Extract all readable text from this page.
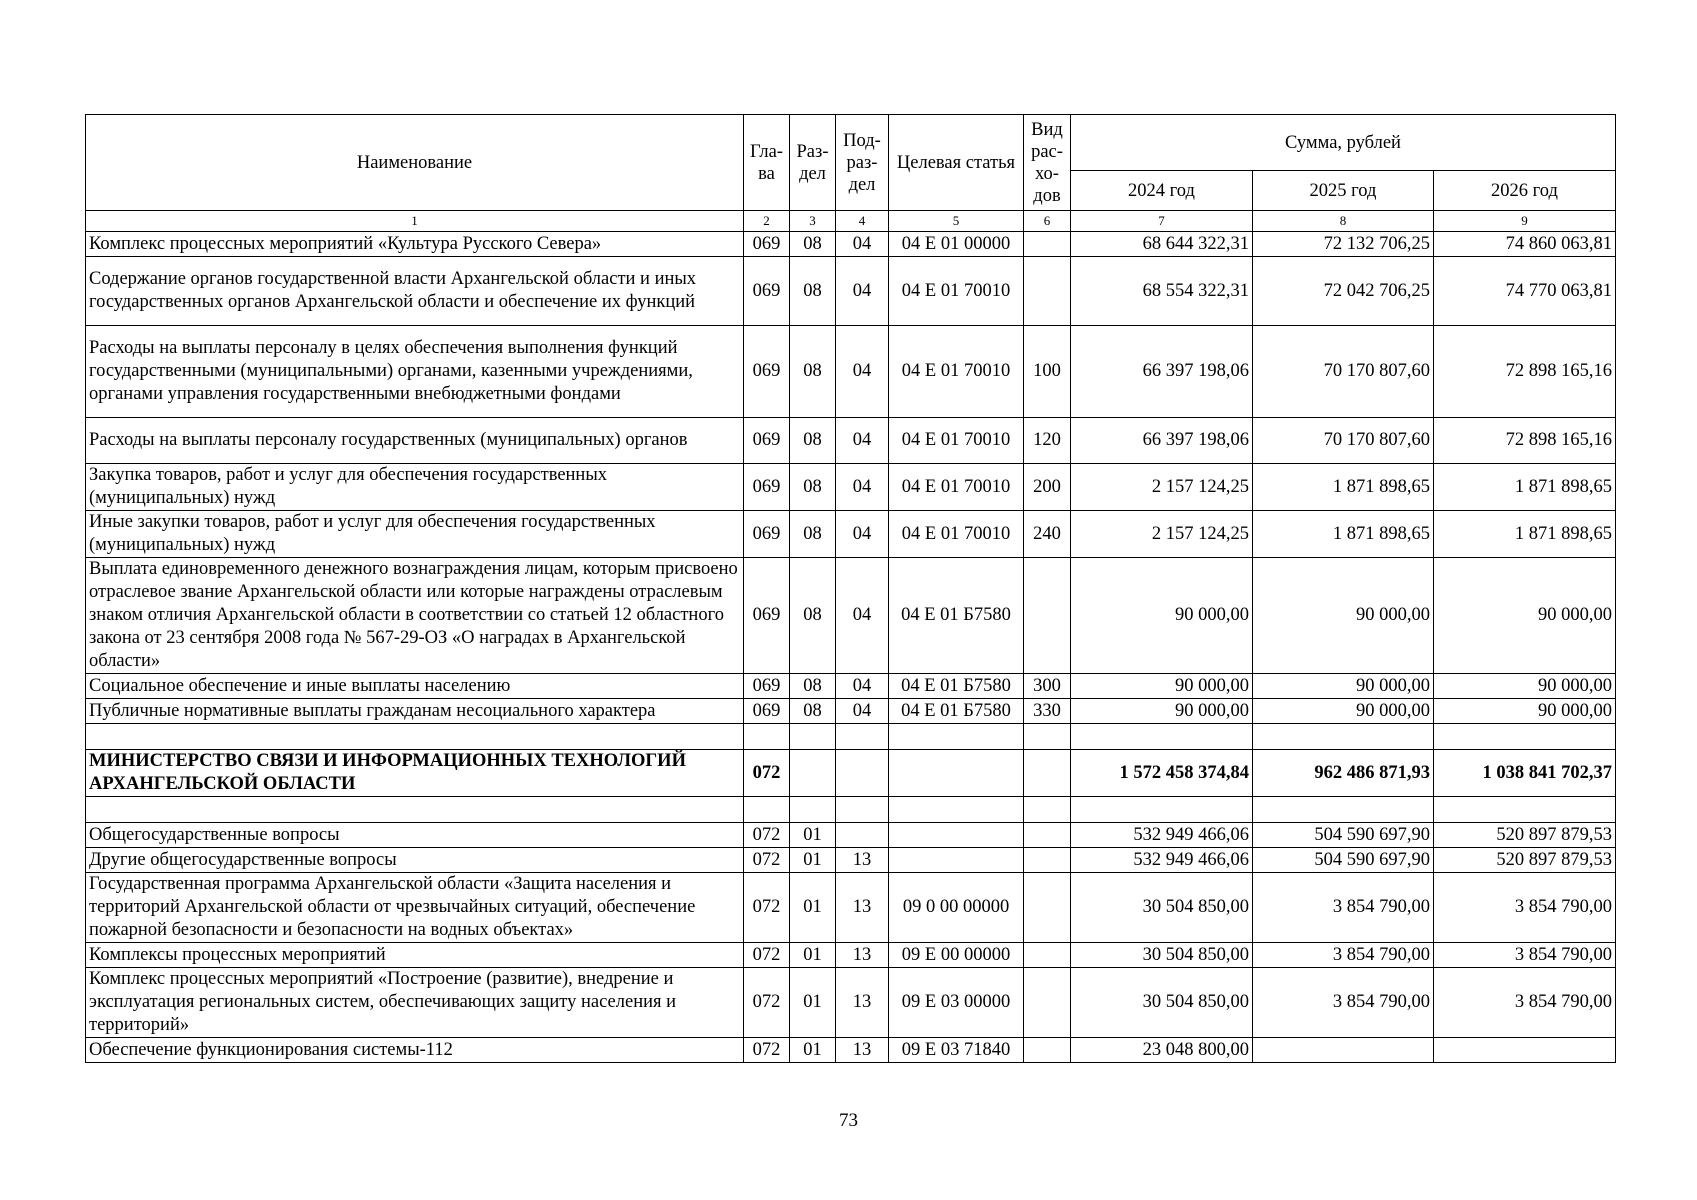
Наименование	Гла-ва	Раз-дел	Под-раз-дел	Целевая статья	Вид рас-хо-дов	Сумма, рублей		
						2024 год	2025 год	2026 год
1	2	3	4	5	6	7	8	9
Комплекс процессных мероприятий «Культура Русского Севера»	069	08	04	04 Е 01 00000		68 644 322,31	72 132 706,25	74 860 063,81
Содержание органов государственной власти Архангельской области и иных государственных органов Архангельской области и обеспечение их функций	069	08	04	04 Е 01 70010		68 554 322,31	72 042 706,25	74 770 063,81
Расходы на выплаты персоналу в целях обеспечения выполнения функций государственными (муниципальными) органами, казенными учреждениями, органами управления государственными внебюджетными фондами	069	08	04	04 Е 01 70010	100	66 397 198,06	70 170 807,60	72 898 165,16
Расходы на выплаты персоналу государственных (муниципальных) органов	069	08	04	04 Е 01 70010	120	66 397 198,06	70 170 807,60	72 898 165,16
Закупка товаров, работ и услуг для обеспечения государственных (муниципальных) нужд	069	08	04	04 Е 01 70010	200	2 157 124,25	1 871 898,65	1 871 898,65
Иные закупки товаров, работ и услуг для обеспечения государственных (муниципальных) нужд	069	08	04	04 Е 01 70010	240	2 157 124,25	1 871 898,65	1 871 898,65
Выплата единовременного денежного вознаграждения лицам, которым присвоено отраслевое звание Архангельской области или которые награждены отраслевым знаком отличия Архангельской области в соответствии со статьей 12 областного закона от 23 сентября 2008 года № 567-29-ОЗ «О наградах в Архангельской области»	069	08	04	04 Е 01 Б7580		90 000,00	90 000,00	90 000,00
Социальное обеспечение и иные выплаты населению	069	08	04	04 Е 01 Б7580	300	90 000,00	90 000,00	90 000,00
Публичные нормативные выплаты гражданам несоциального характера	069	08	04	04 Е 01 Б7580	330	90 000,00	90 000,00	90 000,00

МИНИСТЕРСТВО СВЯЗИ И ИНФОРМАЦИОННЫХ ТЕХНОЛОГИЙ АРХАНГЕЛЬСКОЙ ОБЛАСТИ	072					1 572 458 374,84	962 486 871,93	1 038 841 702,37

Общегосударственные вопросы	072	01				532 949 466,06	504 590 697,90	520 897 879,53
Другие общегосударственные вопросы	072	01	13			532 949 466,06	504 590 697,90	520 897 879,53
Государственная программа Архангельской области «Защита населения и территорий Архангельской области от чрезвычайных ситуаций, обеспечение пожарной безопасности и безопасности на водных объектах»	072	01	13	09 0 00 00000		30 504 850,00	3 854 790,00	3 854 790,00
Комплексы процессных мероприятий	072	01	13	09 Е 00 00000		30 504 850,00	3 854 790,00	3 854 790,00
Комплекс процессных мероприятий «Построение (развитие), внедрение и эксплуатация региональных систем, обеспечивающих защиту населения и территорий»	072	01	13	09 Е 03 00000		30 504 850,00	3 854 790,00	3 854 790,00
Обеспечение функционирования системы-112	072	01	13	09 Е 03 71840		23 048 800,00		
73
